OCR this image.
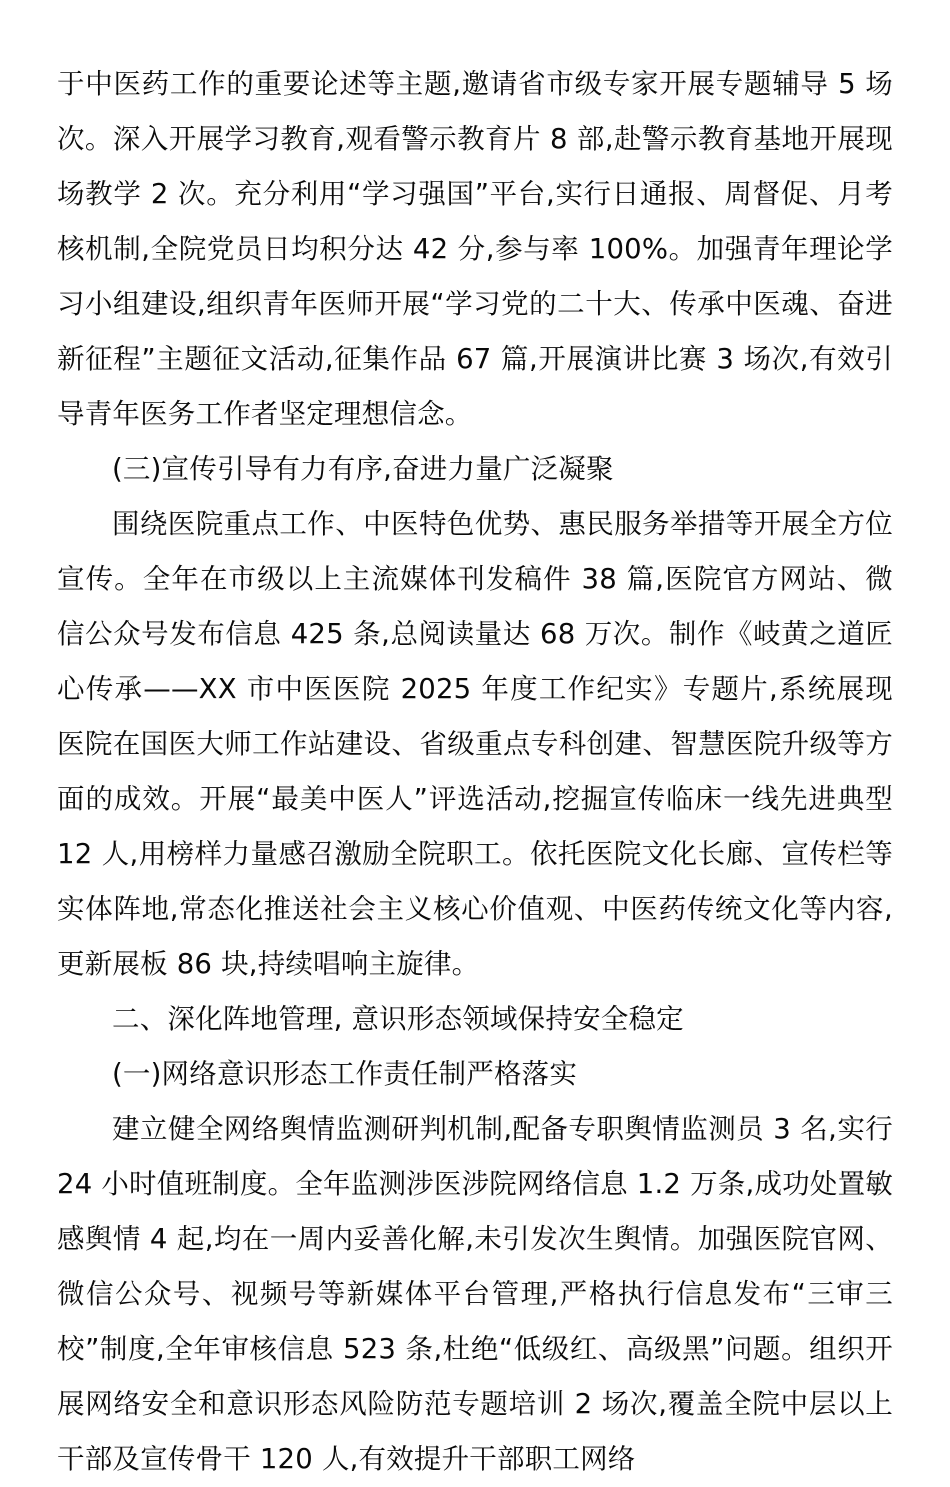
于中医药工作的重要论述等主题,邀请省市级专家开展专题辅导 5 场次。深入开展学习教育,观看警示教育片 8 部,赴警示教育基地开展现场教学 2 次。充分利用“学习强国”平台,实行日通报、周督促、月考核机制,全院党员日均积分达 42 分,参与率 100%。加强青年理论学习小组建设,组织青年医师开展“学习党的二十大、传承中医魂、奋进新征程”主题征文活动,征集作品 67 篇,开展演讲比赛 3 场次,有效引导青年医务工作者坚定理想信念。

(三)宣传引导有力有序,奋进力量广泛凝聚

围绕医院重点工作、中医特色优势、惠民服务举措等开展全方位宣传。全年在市级以上主流媒体刊发稿件 38 篇,医院官方网站、微信公众号发布信息 425 条,总阅读量达 68 万次。制作《岐黄之道匠心传承——XX 市中医医院 2025 年度工作纪实》专题片,系统展现医院在国医大师工作站建设、省级重点专科创建、智慧医院升级等方面的成效。开展“最美中医人”评选活动,挖掘宣传临床一线先进典型 12 人,用榜样力量感召激励全院职工。依托医院文化长廊、宣传栏等实体阵地,常态化推送社会主义核心价值观、中医药传统文化等内容,更新展板 86 块,持续唱响主旋律。

二、深化阵地管理, 意识形态领域保持安全稳定

(一)网络意识形态工作责任制严格落实

建立健全网络舆情监测研判机制,配备专职舆情监测员 3 名,实行 24 小时值班制度。全年监测涉医涉院网络信息 1.2 万条,成功处置敏感舆情 4 起,均在一周内妥善化解,未引发次生舆情。加强医院官网、微信公众号、视频号等新媒体平台管理,严格执行信息发布“三审三校”制度,全年审核信息 523 条,杜绝“低级红、高级黑”问题。组织开展网络安全和意识形态风险防范专题培训 2 场次,覆盖全院中层以上干部及宣传骨干 120 人,有效提升干部职工网络
